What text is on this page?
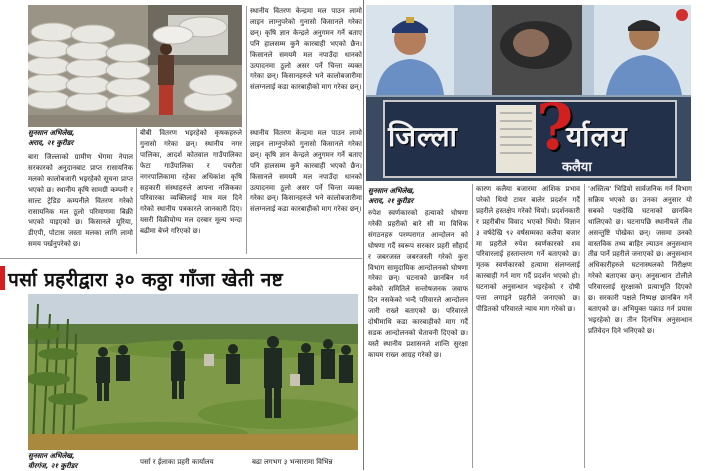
स्थानीय वितरण केन्द्रमा मल पाउन लामो लाइन लाग्नुपरेको गुनासो किसानले गरेका छन्। कृषि ज्ञान केन्द्रले अनुगमन गर्ने बताए पनि हालसम्म कुनै कारबाही भएको छैन। किसानले समयमै मल नपाउँदा धानको उत्पादनमा ठूलो असर पर्ने चिन्ता व्यक्त गरेका छन्। किसानहरुले भने कालोबजारीमा संलग्नलाई कडा कारबाहीको माग गरेका छन्।
सुनसान अभिलेख,
अराद, २१ कुरीडर
बारा जिल्लाको ग्रामीण भेगमा नेपाल सरकारको अनुदानबाट प्राप्त रासायनिक मलको कालोबजारी भइरहेको सूचना प्राप्त भएको छ। स्थानीय कृषि सामग्री कम्पनी र साल्ट ट्रेडिङ कम्पनीले वितरण गरेको रासायनिक मल ठूलो परिमाणमा बिक्री भएको पाइएको छ। किसानले यूरिया, डीएपी, पोटास जस्ता मलका लागि लामो समय पर्खनुपरेको छ।
बीबी वितरण भइरहेको कृषकहरुले गुनासो गरेका छन्। स्थानीय नगर पालिका, आदर्श कोतवाल गाउँपालिका फेटा गाउँपालिका र पचरौता नगरपालिकामा रहेका अधिकांश कृषि सहकारी संस्थाहरुले आफ्ना नजिकका परिवारका व्यक्तिलाई मात्र मल दिने गरेको स्थानीय पत्रकारले जानकारी दिए। यसरी विक्रीयोग्य मल दरबार मूल्य भन्दा बढीमा बेच्ने गरिएको छ।
स्थानीय वितरण केन्द्रमा मल पाउन लामो लाइन लाग्नुपरेको गुनासो किसानले गरेका छन्। कृषि ज्ञान केन्द्रले अनुगमन गर्ने बताए पनि हालसम्म कुनै कारबाही भएको छैन। किसानले समयमै मल नपाउँदा धानको उत्पादनमा ठूलो असर पर्ने चिन्ता व्यक्त गरेका छन्। किसानहरुले भने कालोबजारीमा संलग्नलाई कडा कारबाहीको माग गरेका छन्।
पर्सा प्रहरीद्वारा ३० कठ्ठा गाँजा खेती नष्ट
सुनसान अभिलेख,
वीरगंज, २१ कुरीडर	पर्सा र ईलाका प्रहरी कार्यालय	बढा लगभग ३ भन्सारामा विभिन्न
जिल्ला	र्यालय
कलैया
?
सुनसान अभिलेख,
अराद, २१ कुरीडर
रुपेश स्वर्णकारको हत्याको घोषणा गरेकी प्रहरीको बारे सी मा विधिक संगठनहरु परम्परागत आन्दोलन को घोषणा गर्दै स्वरूप सरकार प्रहरी सौहार्द र जबरजस्त जबरजस्ती गरेको कुरा विभाग सामुदायिक आन्दोलनको घोषणा गरेका छन्। घटनाको छानबिन गर्न बनेको समितिले सन्तोषजनक जवाफ दिन नसकेको भन्दै परिवारले आन्दोलन जारी राख्ने बताएको छ। परिवारले दोषीमाथि कडा कारबाहीको माग गर्दै सडक आन्दोलनको चेतावनी दिएको छ। यस्तै स्थानीय प्रशासनले शान्ति सुरक्षा कायम राख्न आग्रह गरेको छ।
कारण कलैया बजारमा आंशिक प्रभाव परेको थियो टायर बालेर प्रदर्शन गर्दै प्रहरीले हस्तक्षेप गरेको थियो। प्रदर्शनकारी र प्रहरीबीच विवाद भएको थियो। विज्ञान ३ वर्षदेखि ९२ वर्षसम्मका कलैया बजार मा प्रहरीले रुपेश स्वर्णकारको शव परिवारलाई हस्तान्तरण गर्ने बताएको छ। मृतक स्वर्णकारको हत्यामा संलग्नलाई कारबाही गर्न माग गर्दै प्रदर्शन भएको हो। घटनाको अनुसन्धान भइरहेको र दोषी पत्ता लगाइने प्रहरीले जनाएको छ। पीडितको परिवारले न्याय माग गरेको छ।
'अस्तित्व' भिडियो सार्वजनिक गर्न विभाग सक्रिय भएको छ। उनका अनुसार यो सबको पक्षदेखि घटनाको छानबिन थालिएको छ। घटनापछि स्थानीयले तीव्र असन्तुष्टि पोखेका छन्। जसमा उनको वास्तविक तथ्य बाहिर ल्याउन अनुसन्धान तीव्र पार्ने प्रहरीले जनाएको छ। अनुसन्धान अधिकारीहरुले घटनास्थलको निरीक्षण गरेको बताएका छन्। अनुसन्धान टोलीले परिवारलाई सुरक्षाको प्रत्याभूति दिएको छ। सरकारी पक्षले निष्पक्ष छानबिन गर्ने बताएको छ। अभियुक्त पक्राउ गर्न प्रयास भइरहेको छ। तीन दिनभित्र अनुसन्धान प्रतिवेदन दिने भनिएको छ।
